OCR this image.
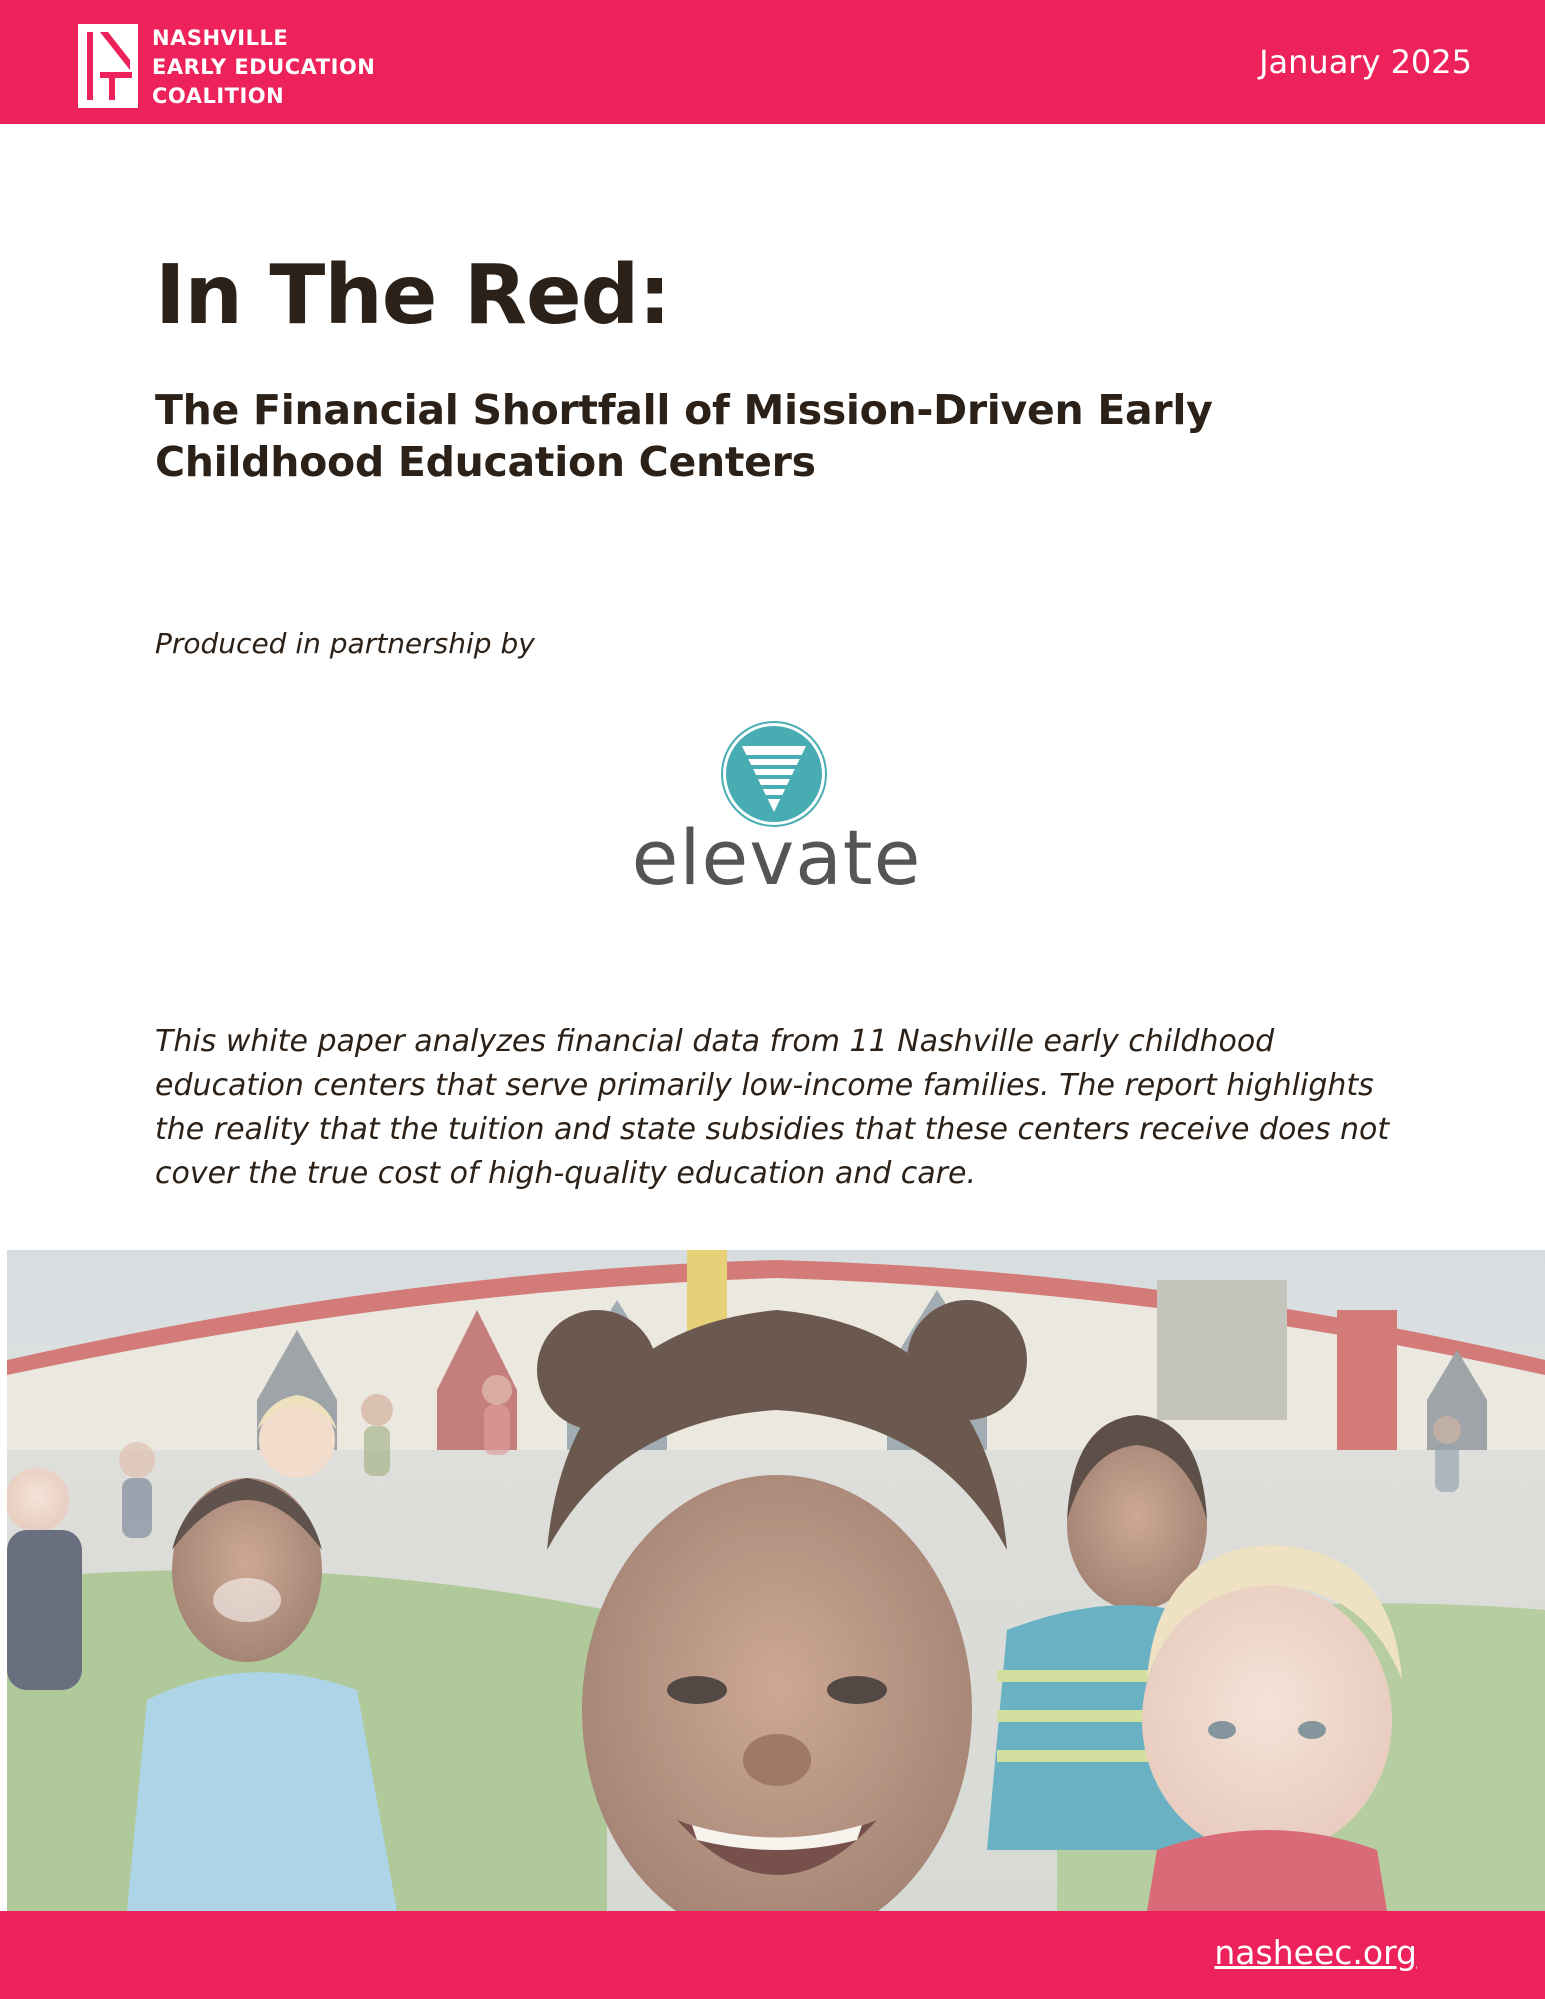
NASHVILLE
EARLY EDUCATION
COALITION
January 2025
In The Red:
The Financial Shortfall of Mission-Driven Early Childhood Education Centers
Produced in partnership by
elevate

This white paper analyzes financial data from 11 Nashville early childhood education centers that serve primarily low-income families. The report highlights the reality that the tuition and state subsidies that these centers receive does not cover the true cost of high-quality education and care.

nasheec.org
